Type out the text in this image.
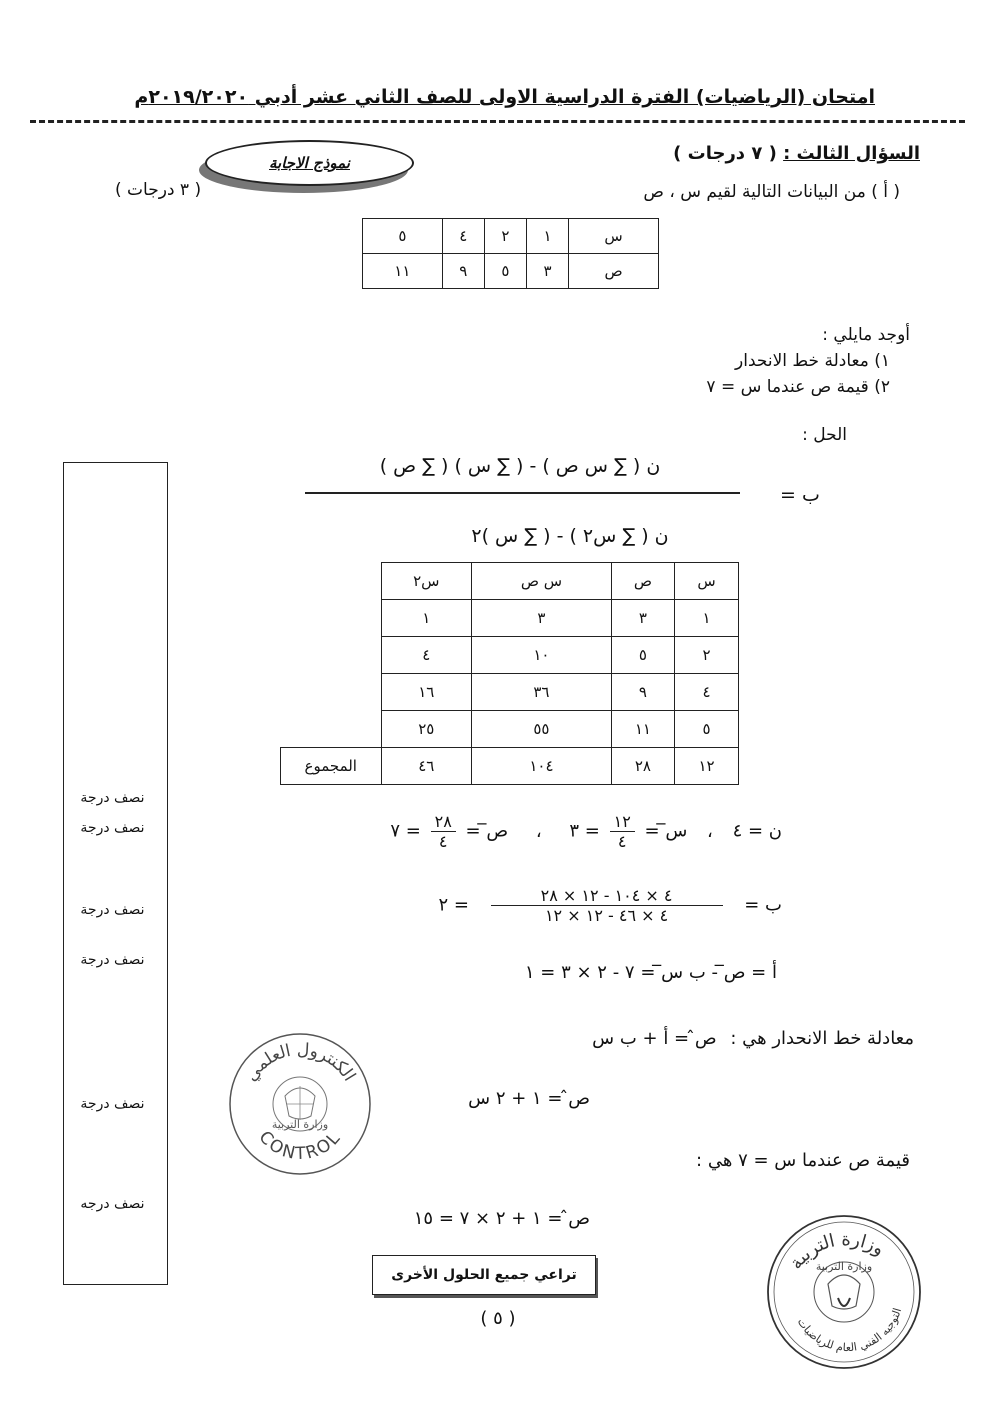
امتحان (الرياضيات) الفترة الدراسية الاولى للصف الثاني عشر أدبي ٢٠١٩/٢٠٢٠م
نموذج الاجابة	السؤال الثالث : ( ٧ درجات )
( ٣ درجات )	( أ ) من البيانات التالية لقيم س ، ص
س	١	٢	٤	٥
ص	٣	٥	٩	١١
أوجد مايلي :
١) معادلة خط الانحدار
٢) قيمة ص عندما س = ٧
الحل :
ن ( ∑ س ص ) - ( ∑ س ) ( ∑ ص )
ب =
ن ( ∑ س٢ ) - ( ∑ س )٢
س	ص	س ص	س٢	
١	٣	٣	١	
٢	٥	١٠	٤	
٤	٩	٣٦	١٦	
٥	١١	٥٥	٢٥	
١٢	٢٨	١٠٤	٤٦	المجموع
نصف درجة
نصف درجة
نصف درجة
نصف درجة
نصف درجة
نصف درجه
ن = ٤ ، س̅ =
$\frac{١٢}{٤}$
= ٣ ، ص̅ =
$\frac{٢٨}{٤}$
= ٧
ب =
$\frac{٤ \times ١٠٤ - ١٢ \times ٢٨}{٤ \times ٤٦ - ١٢ \times ١٢}$
= ٢
أ = ص̅ - ب س̅ = ٧ - ٢ × ٣ = ١
معادلة خط الانحدار هي : ص̂ = أ + ب س
ص̂ = ١ + ٢ س
قيمة ص عندما س = ٧ هي :
ص̂ = ١ + ٢ × ٧ = ١٥
الكنترول العلمي
وزارة التربية
CONTROL
تراعي جميع الحلول الأخرى
( ٥ )
وزارة التربية
وزارة التربية
التوجيه الفني العام للرياضيات
